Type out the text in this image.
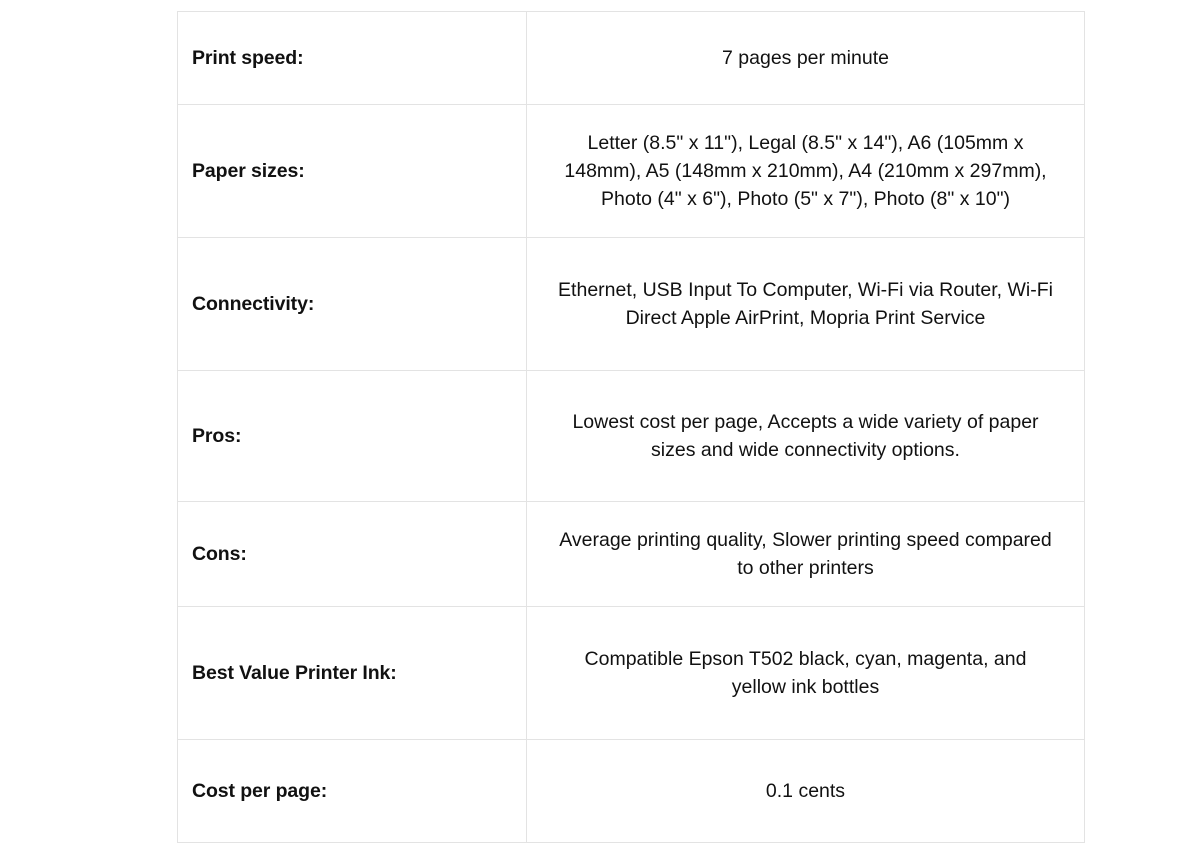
Print speed:	7 pages per minute

Paper sizes:	Letter (8.5" x 11"), Legal (8.5" x 14"), A6 (105mm x 148mm), A5 (148mm x 210mm), A4 (210mm x 297mm), Photo (4" x 6"), Photo (5" x 7"), Photo (8" x 10")

Connectivity:	Ethernet, USB Input To Computer, Wi-Fi via Router, Wi-Fi Direct Apple AirPrint, Mopria Print Service

Pros:	Lowest cost per page, Accepts a wide variety of paper sizes and wide connectivity options.

Cons:	Average printing quality, Slower printing speed compared to other printers

Best Value Printer Ink:	Compatible Epson T502 black, cyan, magenta, and yellow ink bottles

Cost per page:	0.1 cents
